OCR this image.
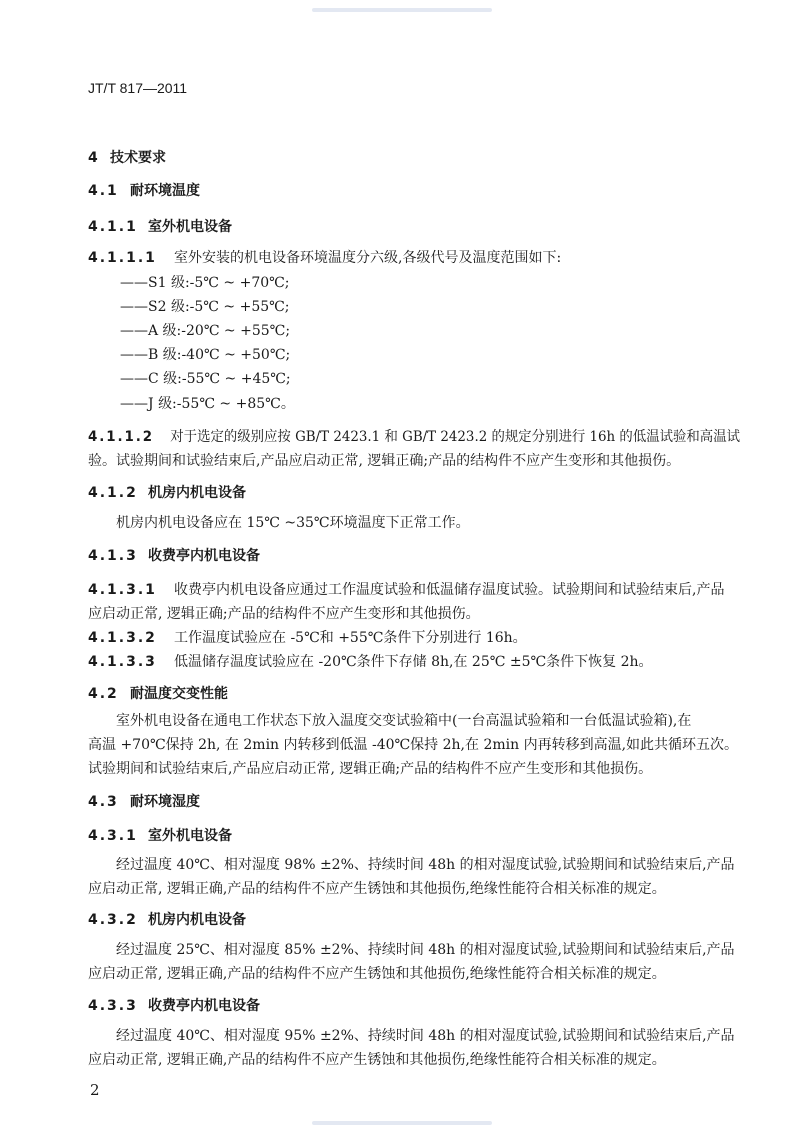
JT/T 817—2011
4 技术要求
4.1 耐环境温度
4.1.1 室外机电设备
4.1.1.1 室外安装的机电设备环境温度分六级,各级代号及温度范围如下:
——S1 级:-5℃ ~ +70℃;
——S2 级:-5℃ ~ +55℃;
——A 级:-20℃ ~ +55℃;
——B 级:-40℃ ~ +50℃;
——C 级:-55℃ ~ +45℃;
——J 级:-55℃ ~ +85℃。
4.1.1.2 对于选定的级别应按 GB/T 2423.1 和 GB/T 2423.2 的规定分别进行 16h 的低温试验和高温试
验。试验期间和试验结束后,产品应启动正常, 逻辑正确;产品的结构件不应产生变形和其他损伤。
4.1.2 机房内机电设备
机房内机电设备应在 15℃ ~35℃环境温度下正常工作。
4.1.3 收费亭内机电设备
4.1.3.1 收费亭内机电设备应通过工作温度试验和低温储存温度试验。试验期间和试验结束后,产品
应启动正常, 逻辑正确;产品的结构件不应产生变形和其他损伤。
4.1.3.2 工作温度试验应在 -5℃和 +55℃条件下分别进行 16h。
4.1.3.3 低温储存温度试验应在 -20℃条件下存储 8h,在 25℃ ±5℃条件下恢复 2h。
4.2 耐温度交变性能
室外机电设备在通电工作状态下放入温度交变试验箱中(一台高温试验箱和一台低温试验箱),在
高温 +70℃保持 2h, 在 2min 内转移到低温 -40℃保持 2h,在 2min 内再转移到高温,如此共循环五次。
试验期间和试验结束后,产品应启动正常, 逻辑正确;产品的结构件不应产生变形和其他损伤。
4.3 耐环境湿度
4.3.1 室外机电设备
经过温度 40℃、相对湿度 98% ±2%、持续时间 48h 的相对湿度试验,试验期间和试验结束后,产品
应启动正常, 逻辑正确,产品的结构件不应产生锈蚀和其他损伤,绝缘性能符合相关标准的规定。
4.3.2 机房内机电设备
经过温度 25℃、相对湿度 85% ±2%、持续时间 48h 的相对湿度试验,试验期间和试验结束后,产品
应启动正常, 逻辑正确,产品的结构件不应产生锈蚀和其他损伤,绝缘性能符合相关标准的规定。
4.3.3 收费亭内机电设备
经过温度 40℃、相对湿度 95% ±2%、持续时间 48h 的相对湿度试验,试验期间和试验结束后,产品
应启动正常, 逻辑正确,产品的结构件不应产生锈蚀和其他损伤,绝缘性能符合相关标准的规定。
2
